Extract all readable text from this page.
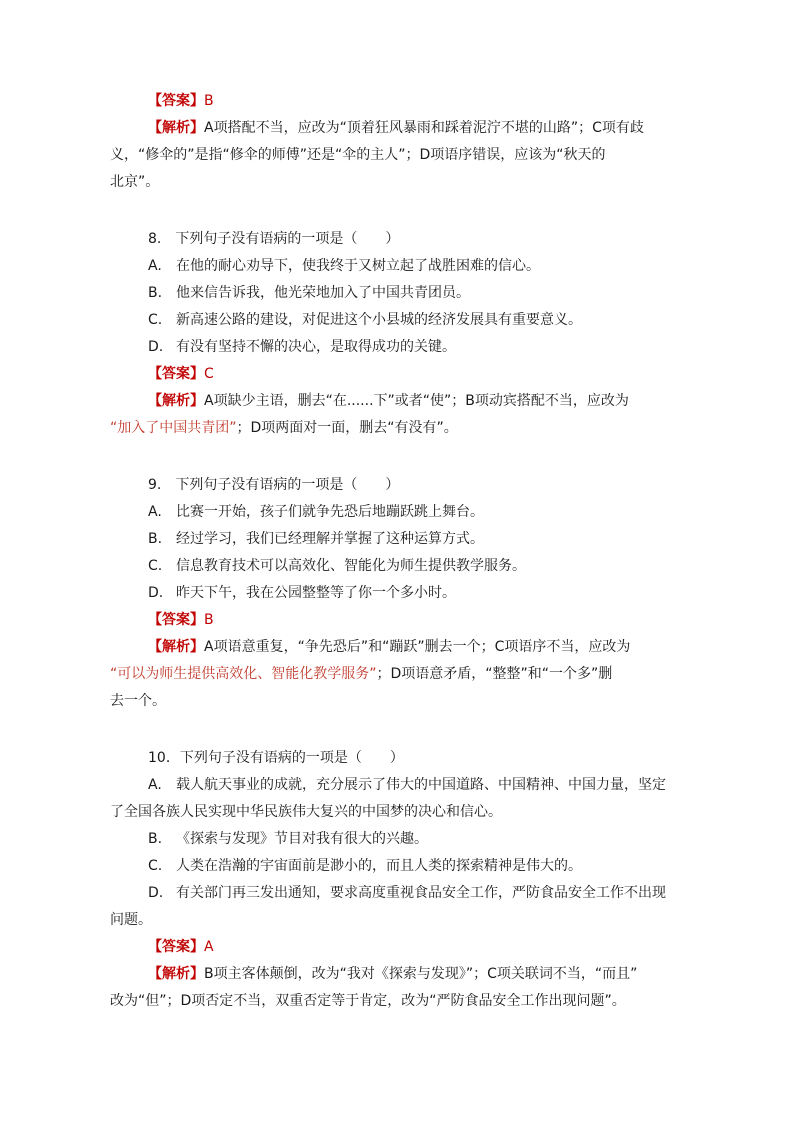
【答案】B
【解析】A项搭配不当，应改为“顶着狂风暴雨和踩着泥泞不堪的山路”；C项有歧
义，“修伞的”是指“修伞的师傅”还是“伞的主人”；D项语序错误，应该为“秋天的
北京”。
8.　下列句子没有语病的一项是（　　）
A. 在他的耐心劝导下，使我终于又树立起了战胜困难的信心。
B. 他来信告诉我，他光荣地加入了中国共青团员。
C. 新高速公路的建设，对促进这个小县城的经济发展具有重要意义。
D. 有没有坚持不懈的决心，是取得成功的关键。
【答案】C
【解析】A项缺少主语，删去“在......下”或者“使”；B项动宾搭配不当，应改为
“加入了中国共青团”；D项两面对一面，删去“有没有”。
9.　下列句子没有语病的一项是（　　）
A. 比赛一开始，孩子们就争先恐后地蹦跃跳上舞台。
B. 经过学习，我们已经理解并掌握了这种运算方式。
C. 信息教育技术可以高效化、智能化为师生提供教学服务。
D. 昨天下午，我在公园整整等了你一个多小时。
【答案】B
【解析】A项语意重复，“争先恐后”和“蹦跃”删去一个；C项语序不当，应改为
“可以为师生提供高效化、智能化教学服务”；D项语意矛盾，“整整”和“一个多”删
去一个。
10．下列句子没有语病的一项是（　　）
A. 载人航天事业的成就，充分展示了伟大的中国道路、中国精神、中国力量，坚定
了全国各族人民实现中华民族伟大复兴的中国梦的决心和信心。
B. 《探索与发现》节目对我有很大的兴趣。
C. 人类在浩瀚的宇宙面前是渺小的，而且人类的探索精神是伟大的。
D. 有关部门再三发出通知，要求高度重视食品安全工作，严防食品安全工作不出现
问题。
【答案】A
【解析】B项主客体颠倒，改为“我对《探索与发现》”；C项关联词不当，“而且”
改为“但”；D项否定不当，双重否定等于肯定，改为“严防食品安全工作出现问题”。
